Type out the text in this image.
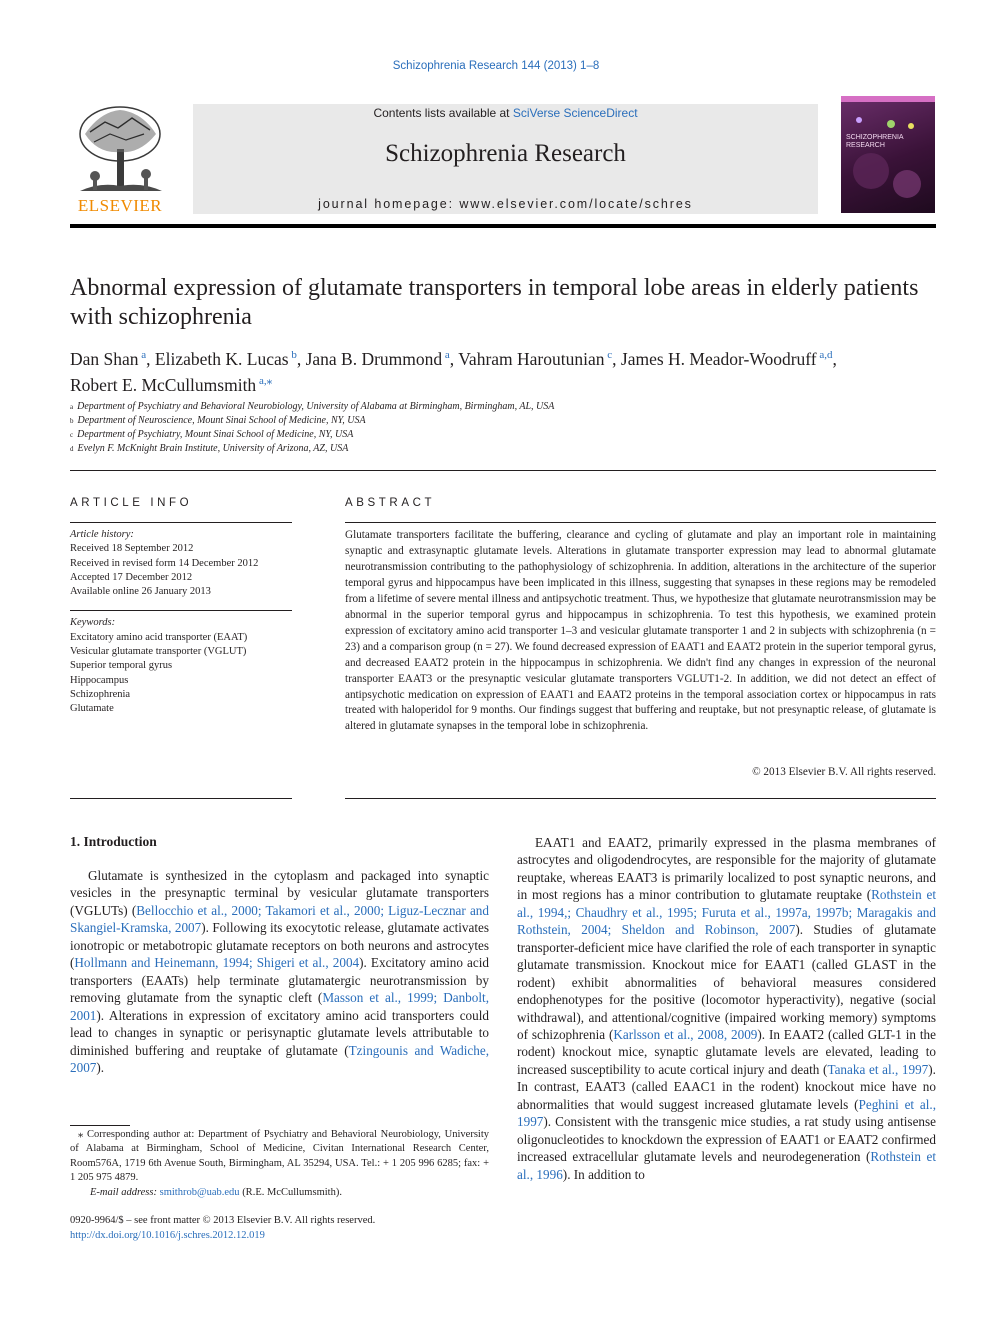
Schizophrenia Research 144 (2013) 1–8
ELSEVIER
Contents lists available at SciVerse ScienceDirect
Schizophrenia Research
journal homepage: www.elsevier.com/locate/schres
SCHIZOPHRENIA RESEARCH
Abnormal expression of glutamate transporters in temporal lobe areas in elderly patients with schizophrenia
Dan Shan $^a$, Elizabeth K. Lucas $^b$, Jana B. Drummond $^a$, Vahram Haroutunian $^c$, James H. Meador-Woodruff $^{a,d}$,
Robert E. McCullumsmith $^{a,⁎}$
$^a$ Department of Psychiatry and Behavioral Neurobiology, University of Alabama at Birmingham, Birmingham, AL, USA
$^b$ Department of Neuroscience, Mount Sinai School of Medicine, NY, USA
$^c$ Department of Psychiatry, Mount Sinai School of Medicine, NY, USA
$^d$ Evelyn F. McKnight Brain Institute, University of Arizona, AZ, USA
ARTICLE INFO
Article history:
Received 18 September 2012
Received in revised form 14 December 2012
Accepted 17 December 2012
Available online 26 January 2013
Keywords:
Excitatory amino acid transporter (EAAT)
Vesicular glutamate transporter (VGLUT)
Superior temporal gyrus
Hippocampus
Schizophrenia
Glutamate
ABSTRACT
Glutamate transporters facilitate the buffering, clearance and cycling of glutamate and play an important role in maintaining synaptic and extrasynaptic glutamate levels. Alterations in glutamate transporter expression may lead to abnormal glutamate neurotransmission contributing to the pathophysiology of schizophrenia. In addition, alterations in the architecture of the superior temporal gyrus and hippocampus have been implicated in this illness, suggesting that synapses in these regions may be remodeled from a lifetime of severe mental illness and antipsychotic treatment. Thus, we hypothesize that glutamate neurotransmission may be abnormal in the superior temporal gyrus and hippocampus in schizophrenia. To test this hypothesis, we examined protein expression of excitatory amino acid transporter 1–3 and vesicular glutamate transporter 1 and 2 in subjects with schizophrenia (n = 23) and a comparison group (n = 27). We found decreased expression of EAAT1 and EAAT2 protein in the superior temporal gyrus, and decreased EAAT2 protein in the hippocampus in schizophrenia. We didn't find any changes in expression of the neuronal transporter EAAT3 or the presynaptic vesicular glutamate transporters VGLUT1-2. In addition, we did not detect an effect of antipsychotic medication on expression of EAAT1 and EAAT2 proteins in the temporal association cortex or hippocampus in rats treated with haloperidol for 9 months. Our findings suggest that buffering and reuptake, but not presynaptic release, of glutamate is altered in glutamate synapses in the temporal lobe in schizophrenia.
© 2013 Elsevier B.V. All rights reserved.
1. Introduction

Glutamate is synthesized in the cytoplasm and packaged into synaptic vesicles in the presynaptic terminal by vesicular glutamate transporters (VGLUTs) (Bellocchio et al., 2000; Takamori et al., 2000; Liguz-Lecznar and Skangiel-Kramska, 2007). Following its exocytotic release, glutamate activates ionotropic or metabotropic glutamate receptors on both neurons and astrocytes (Hollmann and Heinemann, 1994; Shigeri et al., 2004). Excitatory amino acid transporters (EAATs) help terminate glutamatergic neurotransmission by removing glutamate from the synaptic cleft (Masson et al., 1999; Danbolt, 2001). Alterations in expression of excitatory amino acid transporters could lead to changes in synaptic or perisynaptic glutamate levels attributable to diminished buffering and reuptake of glutamate (Tzingounis and Wadiche, 2007).

EAAT1 and EAAT2, primarily expressed in the plasma membranes of astrocytes and oligodendrocytes, are responsible for the majority of glutamate reuptake, whereas EAAT3 is primarily localized to post synaptic neurons, and in most regions has a minor contribution to glutamate reuptake (Rothstein et al., 1994,; Chaudhry et al., 1995; Furuta et al., 1997a, 1997b; Maragakis and Rothstein, 2004; Sheldon and Robinson, 2007). Studies of glutamate transporter-deficient mice have clarified the role of each transporter in synaptic glutamate transmission. Knockout mice for EAAT1 (called GLAST in the rodent) exhibit abnormalities of behavioral measures considered endophenotypes for the positive (locomotor hyperactivity), negative (social withdrawal), and attentional/cognitive (impaired working memory) symptoms of schizophrenia (Karlsson et al., 2008, 2009). In EAAT2 (called GLT-1 in the rodent) knockout mice, synaptic glutamate levels are elevated, leading to increased susceptibility to acute cortical injury and death (Tanaka et al., 1997). In contrast, EAAT3 (called EAAC1 in the rodent) knockout mice have no abnormalities that would suggest increased glutamate levels (Peghini et al., 1997). Consistent with the transgenic mice studies, a rat study using antisense oligonucleotides to knockdown the expression of EAAT1 or EAAT2 confirmed increased extracellular glutamate levels and neurodegeneration (Rothstein et al., 1996). In addition to

⁎ Corresponding author at: Department of Psychiatry and Behavioral Neurobiology, University of Alabama at Birmingham, School of Medicine, Civitan International Research Center, Room576A, 1719 6th Avenue South, Birmingham, AL 35294, USA. Tel.: + 1 205 996 6285; fax: + 1 205 975 4879.
E-mail address: smithrob@uab.edu (R.E. McCullumsmith).
0920-9964/$ – see front matter © 2013 Elsevier B.V. All rights reserved.
http://dx.doi.org/10.1016/j.schres.2012.12.019
